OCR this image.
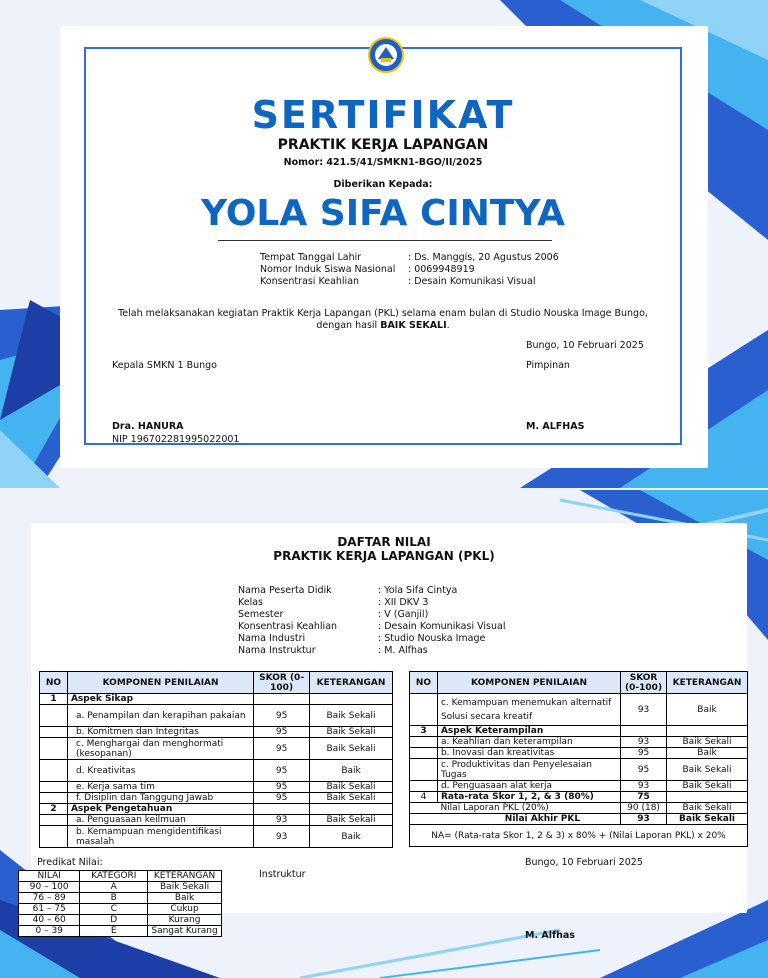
SERTIFIKAT
PRAKTIK KERJA LAPANGAN
Nomor: 421.5/41/SMKN1-BGO/II/2025
Diberikan Kepada:
YOLA SIFA CINTYA
Tempat Tanggal Lahir	: Ds. Manggis, 20 Agustus 2006
Nomor Induk Siswa Nasional	: 0069948919
Konsentrasi Keahlian	: Desain Komunikasi Visual
Telah melaksanakan kegiatan Praktik Kerja Lapangan (PKL) selama enam bulan di Studio Nouska Image Bungo,
dengan hasil BAIK SEKALI.
Bungo, 10 Februari 2025
Kepala SMKN 1 Bungo	Pimpinan
Dra. HANURA
NIP 196702281995022001
M. ALFHAS
DAFTAR NILAI
PRAKTIK KERJA LAPANGAN (PKL)
Nama Peserta Didik	: Yola Sifa Cintya
Kelas	: XII DKV 3
Semester	: V (Ganjil)
Konsentrasi Keahlian	: Desain Komunikasi Visual
Nama Industri	: Studio Nouska Image
Nama Instruktur	: M. Alfhas
NO	KOMPONEN PENILAIAN	SKOR (0-100)	KETERANGAN
1	Aspek Sikap		
	a. Penampilan dan kerapihan pakaian	95	Baik Sekali
	b. Komitmen dan Integritas	95	Baik Sekali
	c. Menghargai dan menghormati (kesopanan)	95	Baik Sekali
	d. Kreativitas	95	Baik
	e. Kerja sama tim	95	Baik Sekali
	f. Disiplin dan Tanggung Jawab	95	Baik Sekali
2	Aspek Pengetahuan		
	a. Penguasaan keilmuan	93	Baik Sekali
	b. Kemampuan mengidentifikasi masalah	93	Baik
NO	KOMPONEN PENILAIAN	SKOR (0-100)	KETERANGAN
	c. Kemampuan menemukan alternatif Solusi secara kreatif	93	Baik
3	Aspek Keterampilan		
	a. Keahlian dan keterampilan	93	Baik Sekali
	b. Inovasi dan kreativitas	95	Baik
	c. Produktivitas dan Penyelesaian Tugas	95	Baik Sekali
	d. Penguasaan alat kerja	93	Baik Sekali
4	Rata-rata Skor 1, 2, & 3 (80%)	75	
	Nilai Laporan PKL (20%)	90 (18)	Baik Sekali
	Nilai Akhir PKL	93	Baik Sekali
NA= (Rata-rata Skor 1, 2 & 3) x 80% + (Nilai Laporan PKL) x 20%			
Predikat Nilai:
NILAI	KATEGORI	KETERANGAN
90 – 100	A	Baik Sekali
76 – 89	B	Baik
61 – 75	C	Cukup
40 – 60	D	Kurang
0 – 39	E	Sangat Kurang
Instruktur
Bungo, 10 Februari 2025
M. Alfhas
